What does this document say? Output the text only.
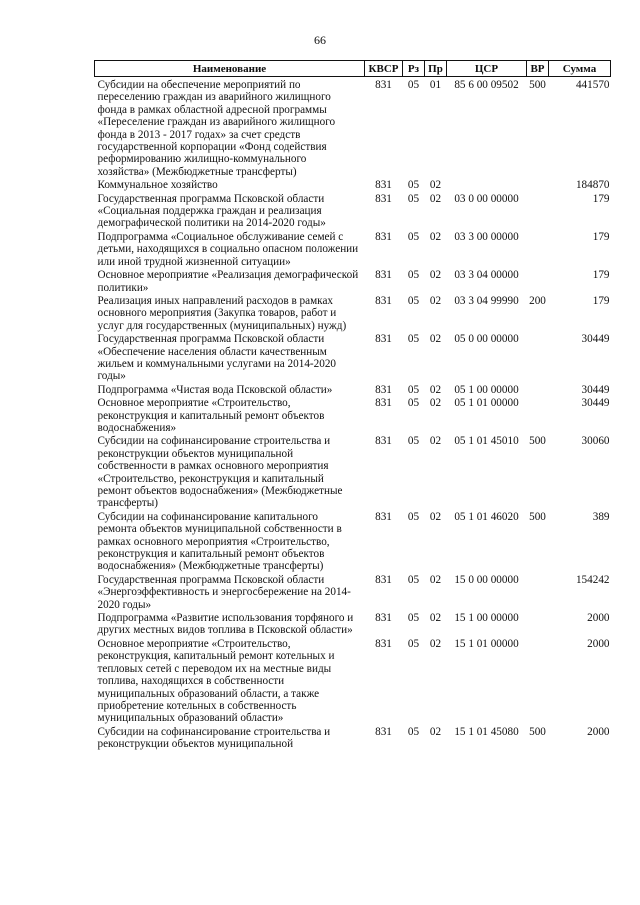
66
Наименование	КВСР	Рз	Пр	ЦСР	ВР	Сумма
Субсидии на обеспечение мероприятий по переселению граждан из аварийного жилищного фонда в рамках областной адресной программы «Переселение граждан из аварийного жилищного фонда в 2013 - 2017 годах» за счет средств государственной корпорации «Фонд содействия реформированию жилищно-коммунального хозяйства» (Межбюджетные трансферты)	831	05	01	85 6 00 09502	500	441570
Коммунальное хозяйство	831	05	02			184870
Государственная программа Псковской области «Социальная поддержка граждан и реализация демографической политики на 2014-2020 годы»	831	05	02	03 0 00 00000		179
Подпрограмма «Социальное обслуживание семей с детьми, находящихся в социально опасном положении или иной трудной жизненной ситуации»	831	05	02	03 3 00 00000		179
Основное мероприятие «Реализация демографической политики»	831	05	02	03 3 04 00000		179
Реализация иных направлений расходов в рамках основного мероприятия (Закупка товаров, работ и услуг для государственных (муниципальных) нужд)	831	05	02	03 3 04 99990	200	179
Государственная программа Псковской области «Обеспечение населения области качественным жильем и коммунальными услугами на 2014-2020 годы»	831	05	02	05 0 00 00000		30449
Подпрограмма «Чистая вода Псковской области»	831	05	02	05 1 00 00000		30449
Основное мероприятие «Строительство, реконструкция и капитальный ремонт объектов водоснабжения»	831	05	02	05 1 01 00000		30449
Субсидии на софинансирование строительства и реконструкции объектов муниципальной собственности в рамках основного мероприятия «Строительство, реконструкция и капитальный ремонт объектов водоснабжения» (Межбюджетные трансферты)	831	05	02	05 1 01 45010	500	30060
Субсидии на софинансирование капитального ремонта объектов муниципальной собственности в рамках основного мероприятия «Строительство, реконструкция и капитальный ремонт объектов водоснабжения» (Межбюджетные трансферты)	831	05	02	05 1 01 46020	500	389
Государственная программа Псковской области «Энергоэффективность и энергосбережение на 2014-2020 годы»	831	05	02	15 0 00 00000		154242
Подпрограмма «Развитие использования торфяного и других местных видов топлива в Псковской области»	831	05	02	15 1 00 00000		2000
Основное мероприятие «Строительство, реконструкция, капитальный ремонт котельных и тепловых сетей с переводом их на местные виды топлива, находящихся в собственности муниципальных образований области, а также приобретение котельных в собственность муниципальных образований области»	831	05	02	15 1 01 00000		2000
Субсидии на софинансирование строительства и реконструкции объектов муниципальной	831	05	02	15 1 01 45080	500	2000
